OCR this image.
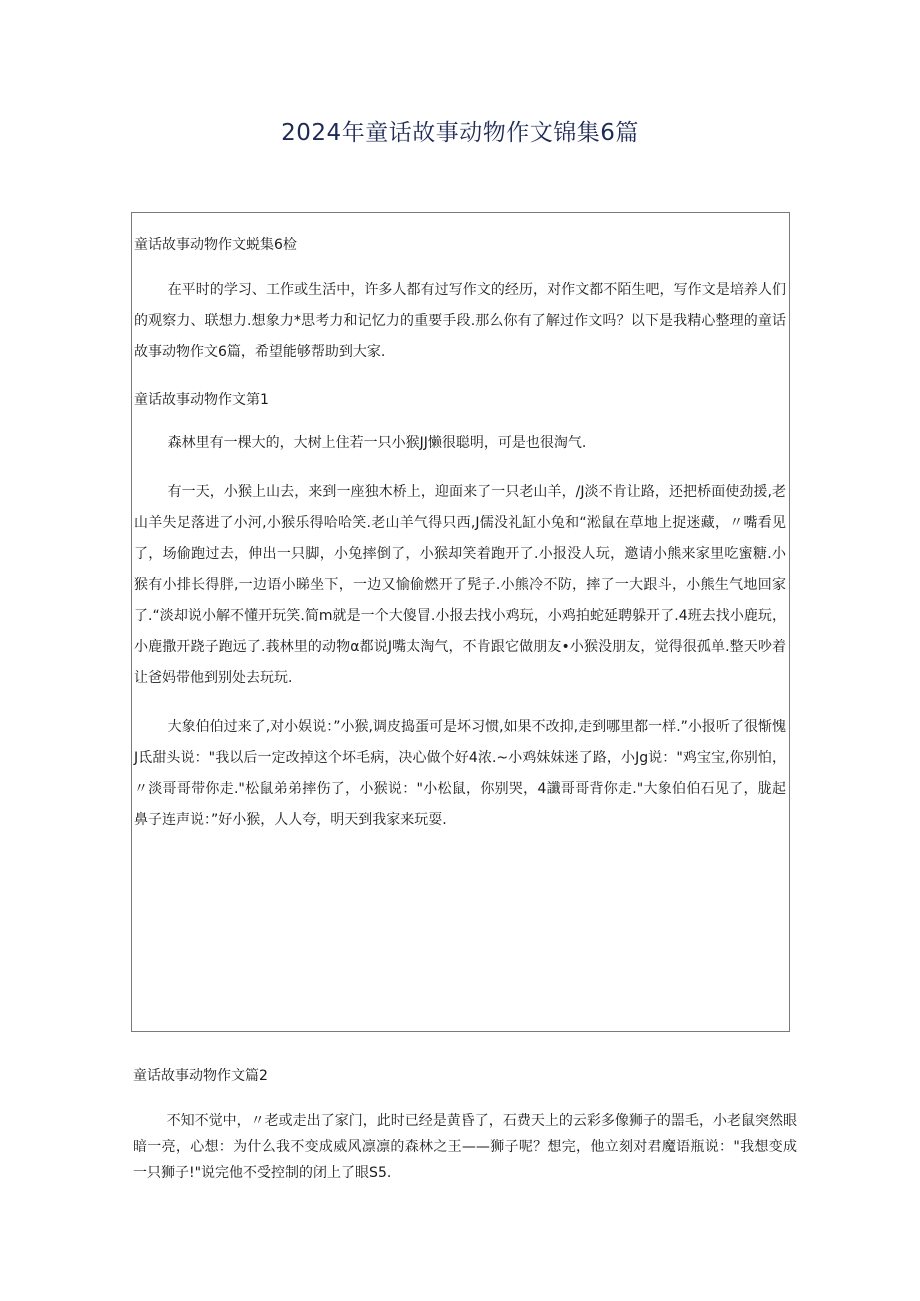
2024年童话故事动物作文锦集6篇

童话故事动物作文蜕集6检

在平时的学习、工作或生活中，许多人都有过写作文的经历，对作文都不陌生吧，写作文是培养人们的观察力、联想力.想象力*思考力和记忆力的重要手段.那么你有了解过作文吗？以下是我精心整理的童话故事动物作文6篇，希望能够帮助到大家.

童话故事动物作文第1

森林里有一棵大的，大树上住若一只小猴JJ懒很聪明，可是也很淘气.

有一天，小猴上山去，来到一座独木桥上，迎面来了一只老山羊，/J淡不肯让路，还把桥面使劲援,老山羊失足落进了小河,小猴乐得哈哈笑.老山羊气得只西,J儒没礼缸小兔和“淞鼠在草地上捉迷藏，〃嘴看见了，场偷跑过去，伸出一只脚，小兔摔倒了，小猴却笑着跑开了.小报没人玩，邀请小熊来家里吃蜜糖.小猴有小排长得胖,一边语小睇坐下，一边又愉偷燃开了髡子.小熊冷不防，摔了一大跟斗，小熊生气地回家了.“淡却说小解不懂开玩笑.简m就是一个大傻冒.小报去找小鸡玩，小鸡拍蛇延聘躲开了.4班去找小鹿玩，小鹿撒开跷子跑远了.莪林里的动物α都说J嘴太淘气，不肯跟它做朋友•小猴没朋友，觉得很孤单.整天吵着让爸妈带他到别处去玩玩.

大象伯伯过来了,对小娱说：”小猴,调皮捣蛋可是坏习惯,如果不改抑,走到哪里都一样.”小报听了很惭愧J氐甜头说："我以后一定改掉这个坏毛病，决心做个好4浓.~小鸡妹妹迷了路，小Jg说："鸡宝宝,你别怕，〃淡哥哥带你走."松鼠弟弟摔伤了，小猴说："小松鼠，你别哭，4讖哥哥背你走."大象伯伯石见了，胧起鼻子连声说：”好小猴，人人夸，明天到我家来玩耍.

童话故事动物作文篇2

不知不觉中，〃老或走出了家门，此时已经是黄昏了，石费天上的云彩多像狮子的噐毛，小老鼠突然眼暗一亮，心想：为什么我不变成威风凛凛的森林之王——狮子呢？想完，他立刻对君魔语瓶说："我想变成一只狮子!"说完他不受控制的闭上了眼S5.
